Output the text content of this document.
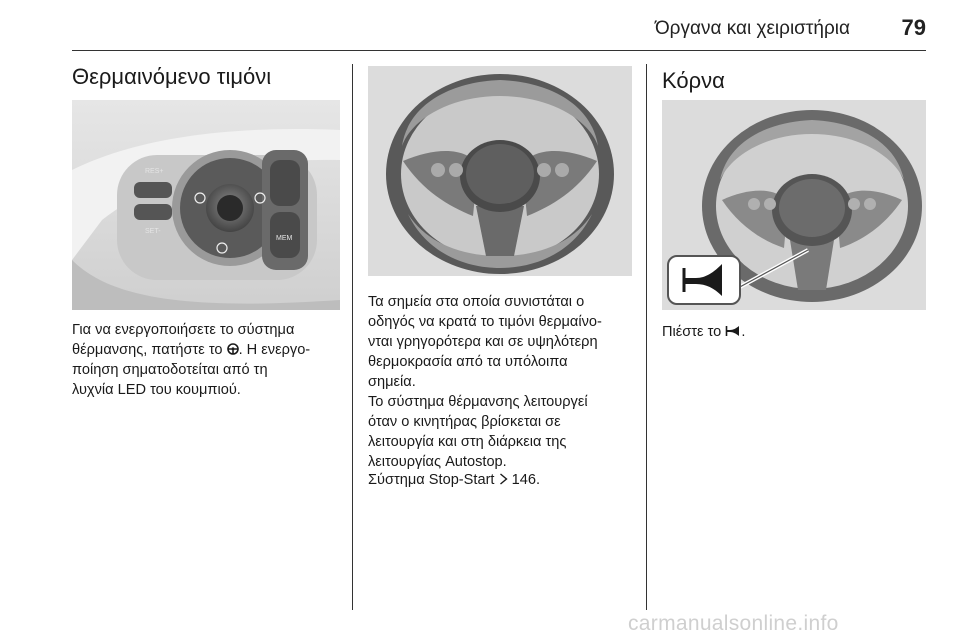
Όργανα και χειριστήρια	79
Θερμαινόμενο τιμόνι
RES+
SET-
MEM

Για να ενεργοποιήσετε το σύστημα

θέρμανσης, πατήστε το . Η ενεργο-

ποίηση σηματοδοτείται από τη

λυχνία LED του κουμπιού.

Τα σημεία στα οποία συνιστάται ο

οδηγός να κρατά το τιμόνι θερμαίνο-

νται γρηγορότερα και σε υψηλότερη

θερμοκρασία από τα υπόλοιπα

σημεία.

Το σύστημα θέρμανσης λειτουργεί

όταν ο κινητήρας βρίσκεται σε

λειτουργία και στη διάρκεια της

λειτουργίας Autostop.

Σύστημα Stop-Start  146.

Κόρνα

Πιέστε το .

carmanualsonline.info
